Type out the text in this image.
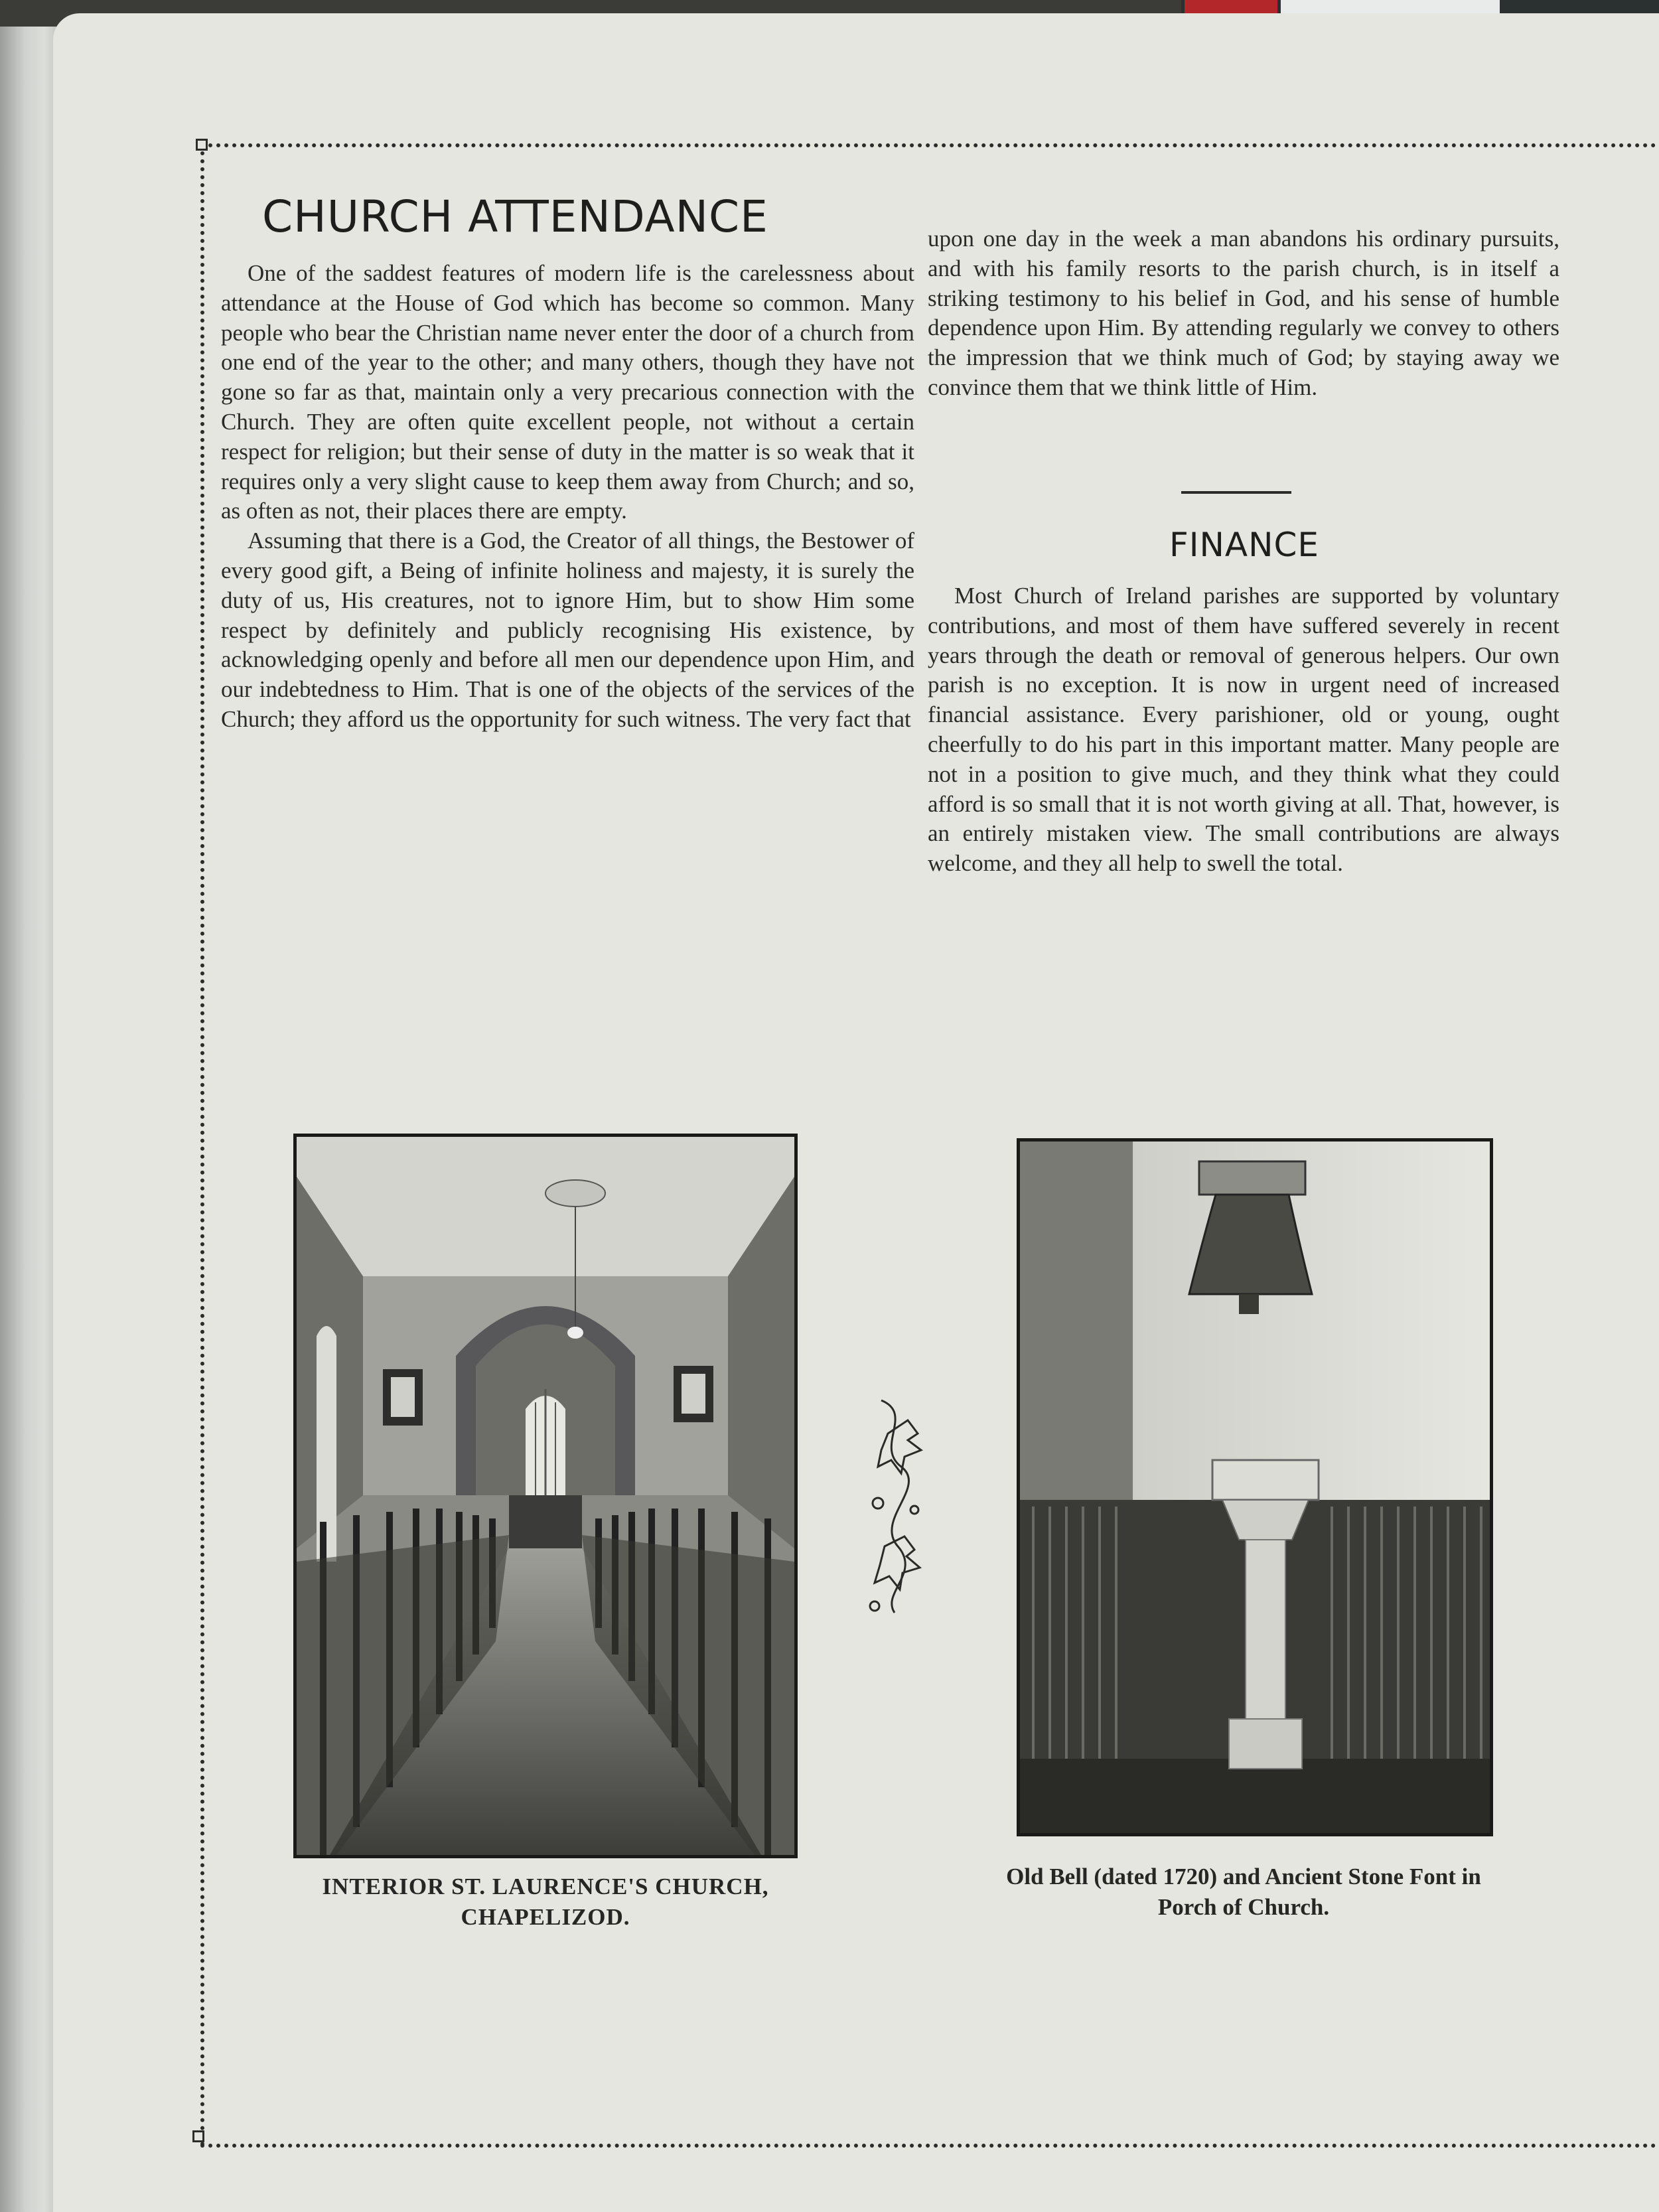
CHURCH ATTENDANCE

One of the saddest features of modern life is the carelessness about attendance at the House of God which has become so common. Many people who bear the Christian name never enter the door of a church from one end of the year to the other; and many others, though they have not gone so far as that, maintain only a very precarious connection with the Church. They are often quite excellent people, not without a certain respect for religion; but their sense of duty in the matter is so weak that it requires only a very slight cause to keep them away from Church; and so, as often as not, their places there are empty.

Assuming that there is a God, the Creator of all things, the Bestower of every good gift, a Being of infinite holiness and majesty, it is surely the duty of us, His creatures, not to ignore Him, but to show Him some respect by definitely and publicly recognising His existence, by acknowledging openly and before all men our dependence upon Him, and our indebtedness to Him. That is one of the objects of the services of the Church; they afford us the opportunity for such witness. The very fact that

upon one day in the week a man abandons his ordinary pursuits, and with his family resorts to the parish church, is in itself a striking testimony to his belief in God, and his sense of humble dependence upon Him. By attending regularly we convey to others the impression that we think much of God; by staying away we convince them that we think little of Him.

FINANCE

Most Church of Ireland parishes are supported by voluntary contributions, and most of them have suffered severely in recent years through the death or removal of generous helpers. Our own parish is no exception. It is now in urgent need of increased financial assistance. Every parishioner, old or young, ought cheerfully to do his part in this important matter. Many people are not in a position to give much, and they think what they could afford is so small that it is not worth giving at all. That, however, is an entirely mistaken view. The small contributions are always welcome, and they all help to swell the total.

INTERIOR ST. LAURENCE'S CHURCH,
CHAPELIZOD.
Old Bell (dated 1720) and Ancient Stone Font in
Porch of Church.
